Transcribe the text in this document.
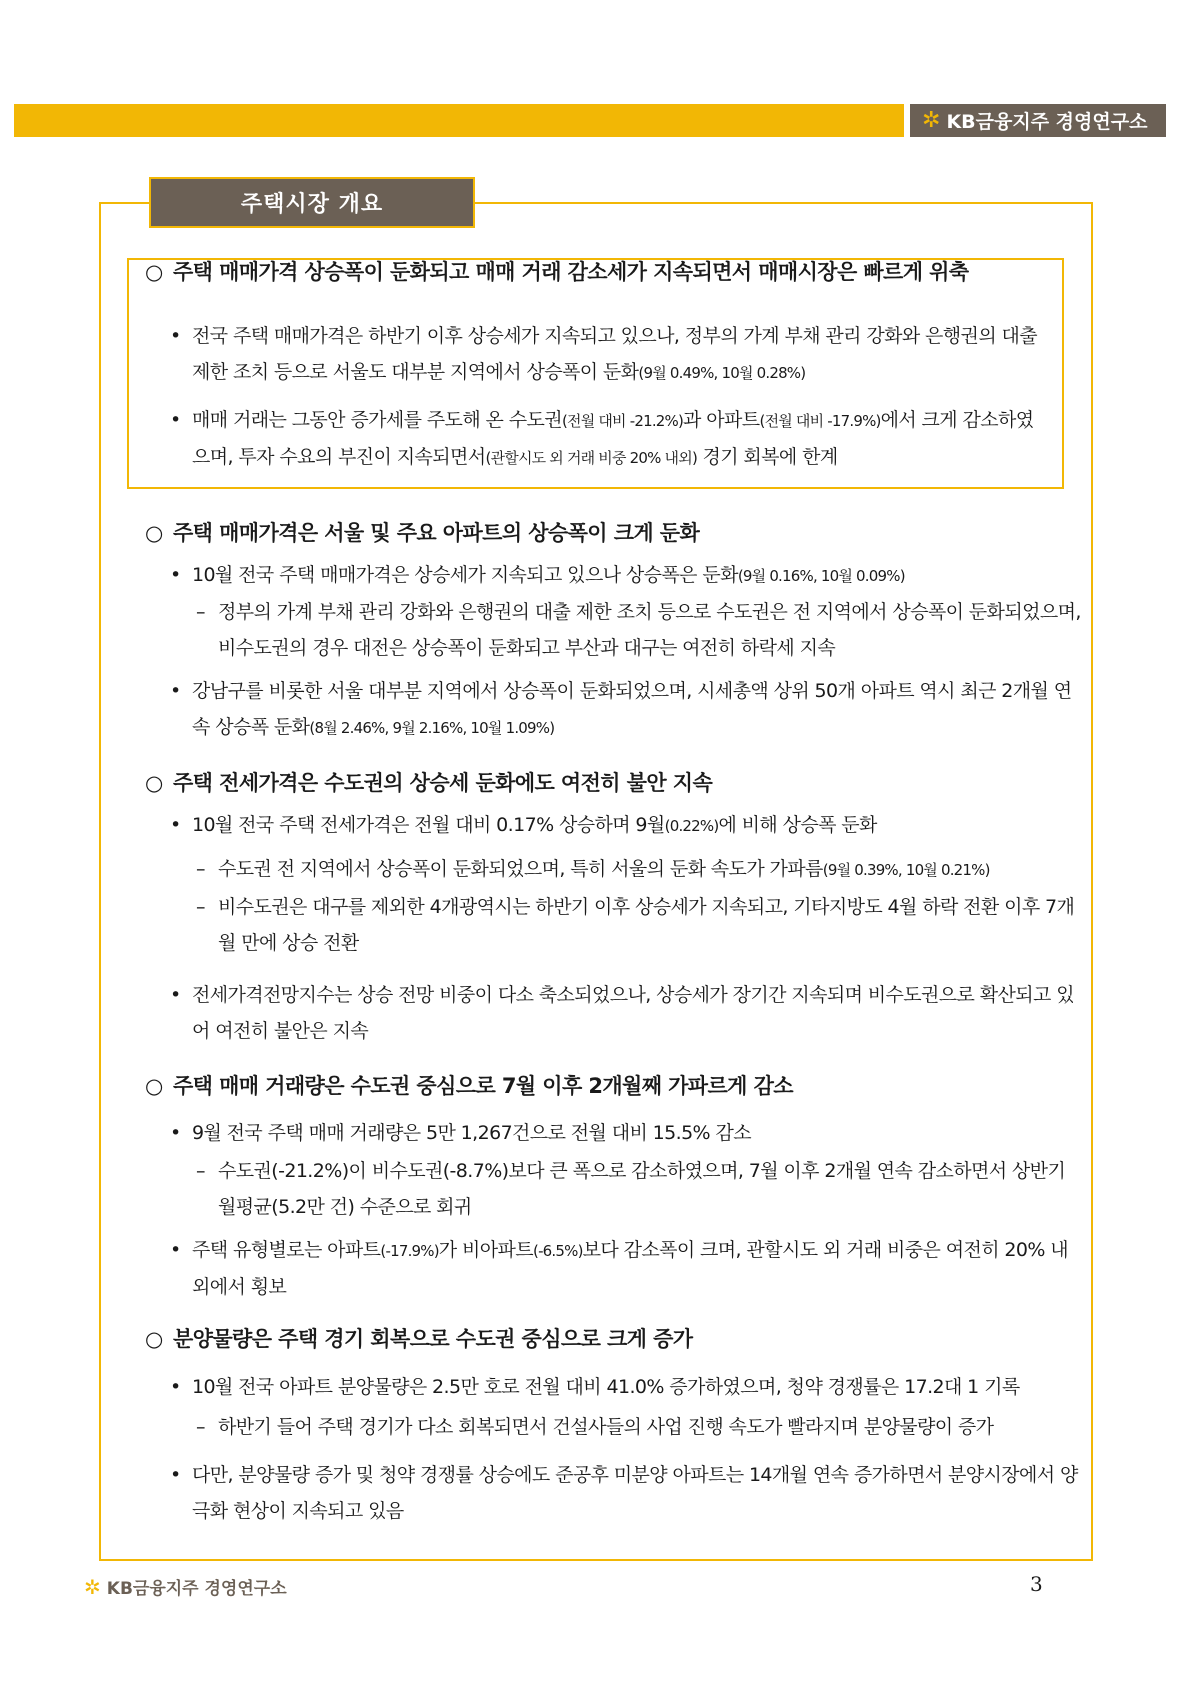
✲ KB금융지주 경영연구소
주택시장 개요
○ 주택 매매가격 상승폭이 둔화되고 매매 거래 감소세가 지속되면서 매매시장은 빠르게 위축
• 전국 주택 매매가격은 하반기 이후 상승세가 지속되고 있으나, 정부의 가계 부채 관리 강화와 은행권의 대출 제한 조치 등으로 서울도 대부분 지역에서 상승폭이 둔화(9월 0.49%, 10월 0.28%)
• 매매 거래는 그동안 증가세를 주도해 온 수도권(전월 대비 -21.2%)과 아파트(전월 대비 -17.9%)에서 크게 감소하였으며, 투자 수요의 부진이 지속되면서(관할시도 외 거래 비중 20% 내외) 경기 회복에 한계
○ 주택 매매가격은 서울 및 주요 아파트의 상승폭이 크게 둔화
• 10월 전국 주택 매매가격은 상승세가 지속되고 있으나 상승폭은 둔화(9월 0.16%, 10월 0.09%)
– 정부의 가계 부채 관리 강화와 은행권의 대출 제한 조치 등으로 수도권은 전 지역에서 상승폭이 둔화되었으며, 비수도권의 경우 대전은 상승폭이 둔화되고 부산과 대구는 여전히 하락세 지속
• 강남구를 비롯한 서울 대부분 지역에서 상승폭이 둔화되었으며, 시세총액 상위 50개 아파트 역시 최근 2개월 연속 상승폭 둔화(8월 2.46%, 9월 2.16%, 10월 1.09%)
○ 주택 전세가격은 수도권의 상승세 둔화에도 여전히 불안 지속
• 10월 전국 주택 전세가격은 전월 대비 0.17% 상승하며 9월(0.22%)에 비해 상승폭 둔화
– 수도권 전 지역에서 상승폭이 둔화되었으며, 특히 서울의 둔화 속도가 가파름(9월 0.39%, 10월 0.21%)
– 비수도권은 대구를 제외한 4개광역시는 하반기 이후 상승세가 지속되고, 기타지방도 4월 하락 전환 이후 7개월 만에 상승 전환
• 전세가격전망지수는 상승 전망 비중이 다소 축소되었으나, 상승세가 장기간 지속되며 비수도권으로 확산되고 있어 여전히 불안은 지속
○ 주택 매매 거래량은 수도권 중심으로 7월 이후 2개월째 가파르게 감소
• 9월 전국 주택 매매 거래량은 5만 1,267건으로 전월 대비 15.5% 감소
– 수도권(-21.2%)이 비수도권(-8.7%)보다 큰 폭으로 감소하였으며, 7월 이후 2개월 연속 감소하면서 상반기 월평균(5.2만 건) 수준으로 회귀
• 주택 유형별로는 아파트(-17.9%)가 비아파트(-6.5%)보다 감소폭이 크며, 관할시도 외 거래 비중은 여전히 20% 내외에서 횡보
○ 분양물량은 주택 경기 회복으로 수도권 중심으로 크게 증가
• 10월 전국 아파트 분양물량은 2.5만 호로 전월 대비 41.0% 증가하였으며, 청약 경쟁률은 17.2대 1 기록
– 하반기 들어 주택 경기가 다소 회복되면서 건설사들의 사업 진행 속도가 빨라지며 분양물량이 증가
• 다만, 분양물량 증가 및 청약 경쟁률 상승에도 준공후 미분양 아파트는 14개월 연속 증가하면서 분양시장에서 양극화 현상이 지속되고 있음
✲ KB금융지주 경영연구소	3
